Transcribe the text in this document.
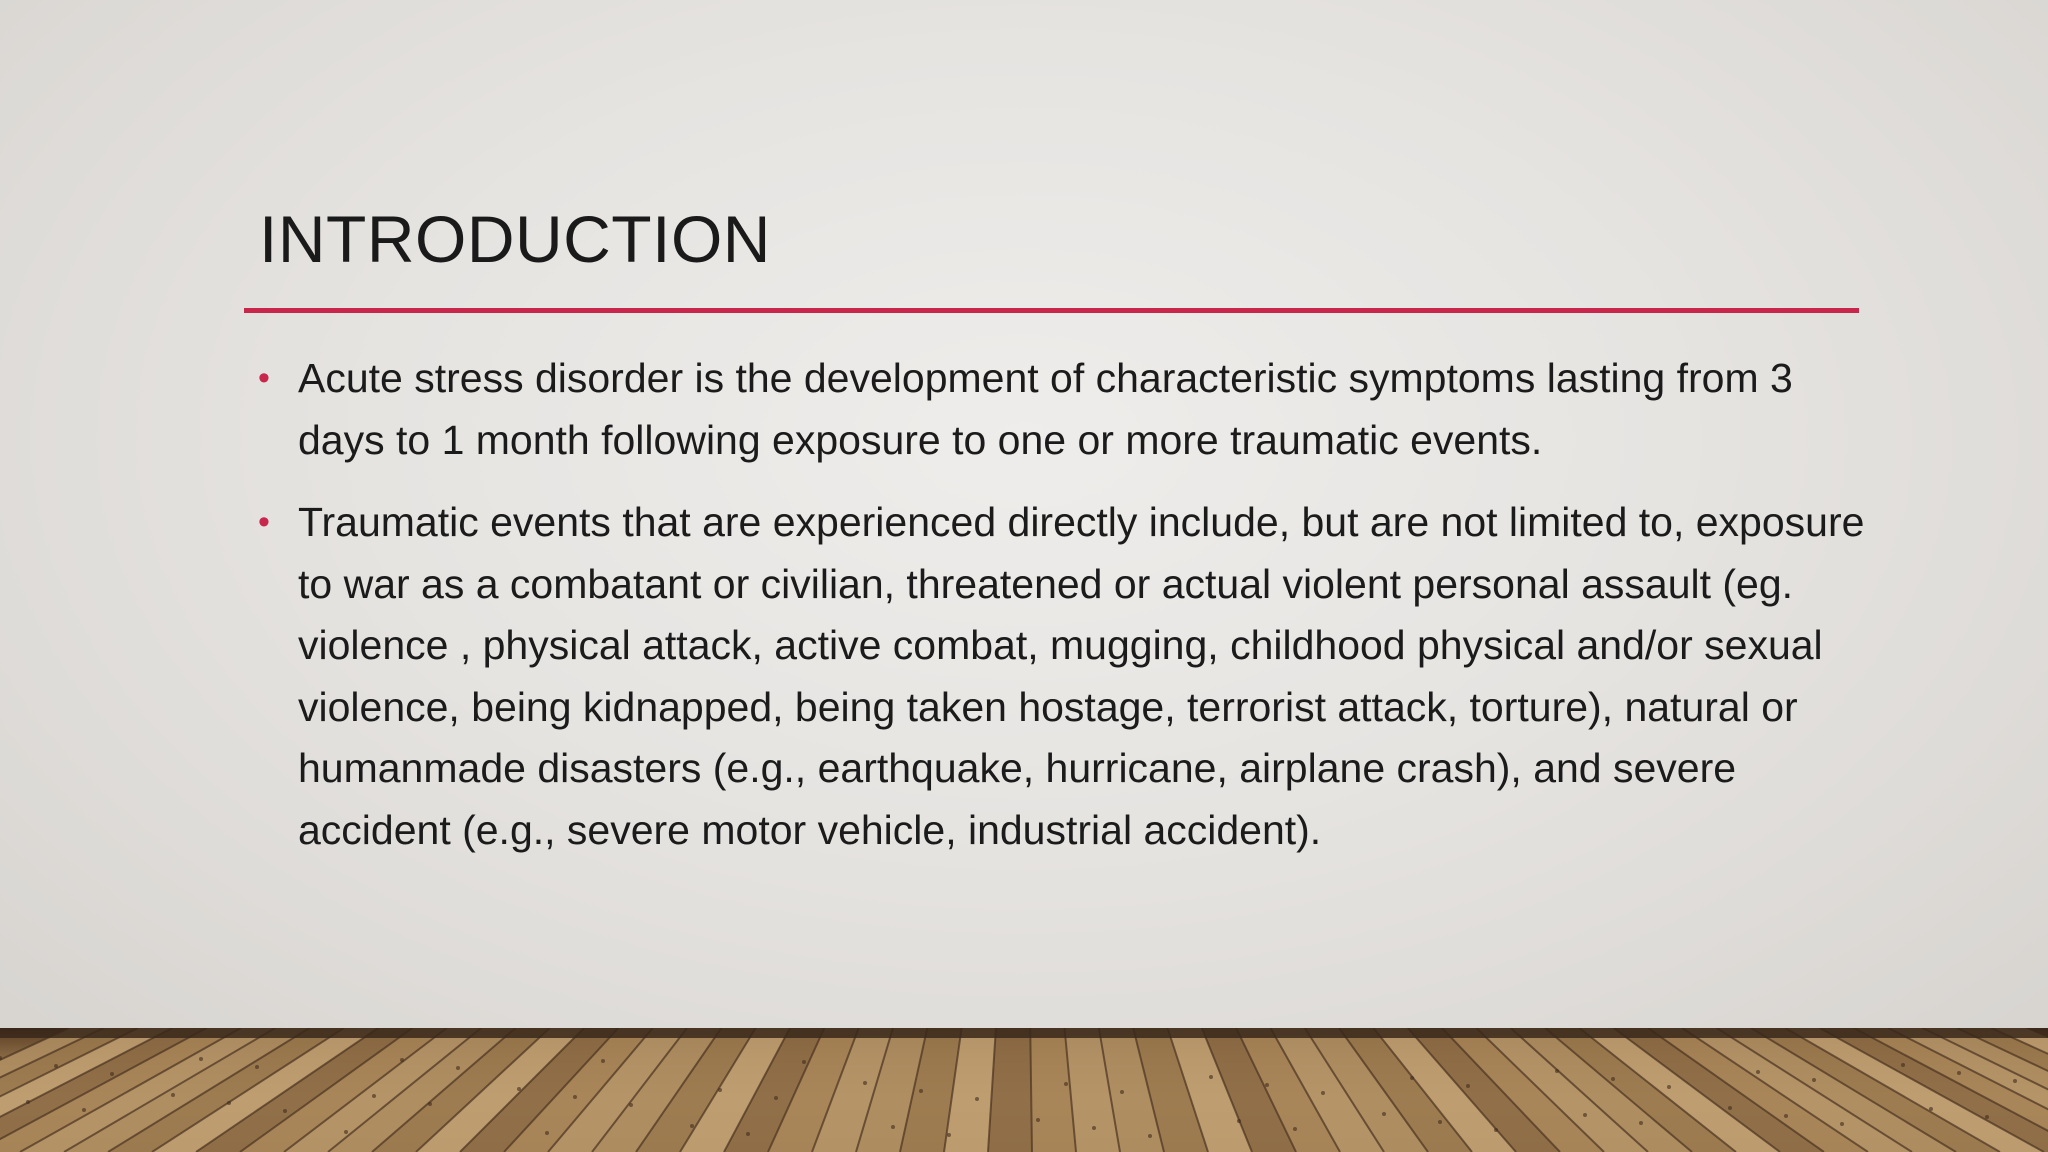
INTRODUCTION
• Acute stress disorder is the development of characteristic symptoms lasting from 3 days to 1 month following exposure to one or more traumatic events.
• Traumatic events that are experienced directly include, but are not limited to, exposure to war as a combatant or civilian, threatened or actual violent personal assault (eg. violence , physical attack, active combat, mugging, childhood physical and/or sexual violence, being kidnapped, being taken hostage, terrorist attack, torture), natural or humanmade disasters (e.g., earthquake, hurricane, airplane crash), and severe accident (e.g., severe motor vehicle, industrial accident).
